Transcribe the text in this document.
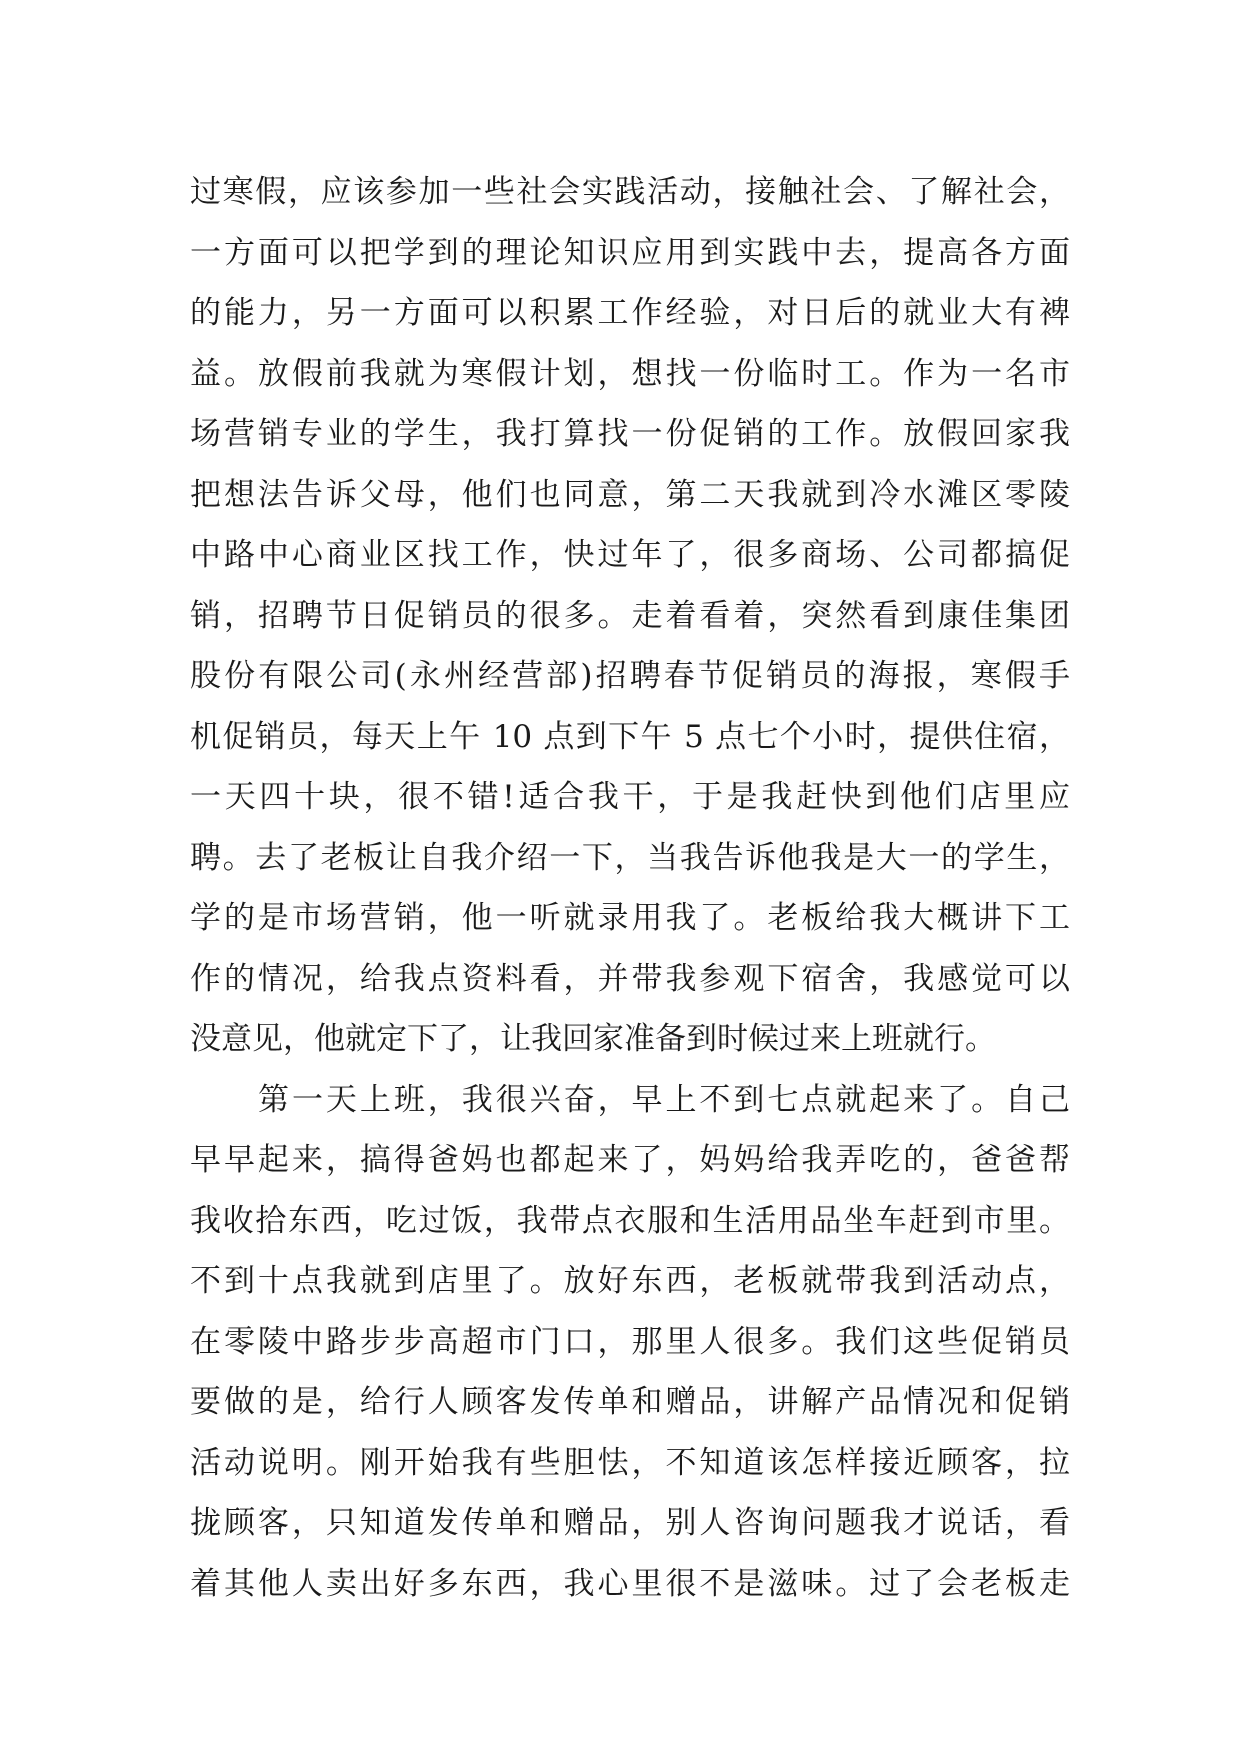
过寒假，应该参加一些社会实践活动，接触社会、了解社会，
一方面可以把学到的理论知识应用到实践中去，提高各方面
的能力，另一方面可以积累工作经验，对日后的就业大有裨
益。放假前我就为寒假计划，想找一份临时工。作为一名市
场营销专业的学生，我打算找一份促销的工作。放假回家我
把想法告诉父母，他们也同意，第二天我就到冷水滩区零陵
中路中心商业区找工作，快过年了，很多商场、公司都搞促
销，招聘节日促销员的很多。走着看着，突然看到康佳集团
股份有限公司(永州经营部)招聘春节促销员的海报，寒假手
机促销员，每天上午 10 点到下午 5 点七个小时，提供住宿，
一天四十块，很不错!适合我干，于是我赶快到他们店里应
聘。去了老板让自我介绍一下，当我告诉他我是大一的学生，
学的是市场营销，他一听就录用我了。老板给我大概讲下工
作的情况，给我点资料看，并带我参观下宿舍，我感觉可以
没意见，他就定下了，让我回家准备到时候过来上班就行。
第一天上班，我很兴奋，早上不到七点就起来了。自己
早早起来，搞得爸妈也都起来了，妈妈给我弄吃的，爸爸帮
我收拾东西，吃过饭，我带点衣服和生活用品坐车赶到市里。
不到十点我就到店里了。放好东西，老板就带我到活动点，
在零陵中路步步高超市门口，那里人很多。我们这些促销员
要做的是，给行人顾客发传单和赠品，讲解产品情况和促销
活动说明。刚开始我有些胆怯，不知道该怎样接近顾客，拉
拢顾客，只知道发传单和赠品，别人咨询问题我才说话，看
着其他人卖出好多东西，我心里很不是滋味。过了会老板走
